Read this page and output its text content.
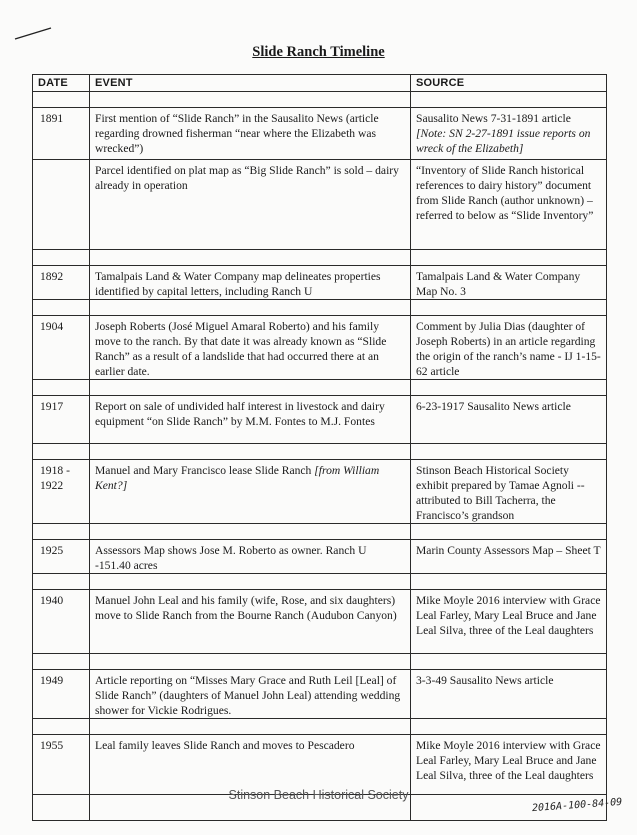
Slide Ranch Timeline
DATE	EVENT	SOURCE

1891	First mention of “Slide Ranch” in the Sausalito News (article regarding drowned fisherman “near where the Elizabeth was wrecked”)	Sausalito News 7-31-1891 article [Note: SN 2-27-1891 issue reports on wreck of the Elizabeth]
	Parcel identified on plat map as “Big Slide Ranch” is sold – dairy already in operation	“Inventory of Slide Ranch historical references to dairy history” document from Slide Ranch (author unknown) – referred to below as “Slide Inventory”

1892	Tamalpais Land & Water Company map delineates properties identified by capital letters, including Ranch U	Tamalpais Land & Water Company Map No. 3

1904	Joseph Roberts (José Miguel Amaral Roberto) and his family move to the ranch. By that date it was already known as “Slide Ranch” as a result of a landslide that had occurred there at an earlier date.	Comment by Julia Dias (daughter of Joseph Roberts) in an article regarding the origin of the ranch’s name - IJ 1-15-62 article

1917	Report on sale of undivided half interest in livestock and dairy equipment “on Slide Ranch” by M.M. Fontes to M.J. Fontes	6-23-1917 Sausalito News article

1918 -
1922	Manuel and Mary Francisco lease Slide Ranch [from William Kent?]	Stinson Beach Historical Society exhibit prepared by Tamae Agnoli -- attributed to Bill Tacherra, the Francisco’s grandson

1925	Assessors Map shows Jose M. Roberto as owner. Ranch U -151.40 acres	Marin County Assessors Map – Sheet T

1940	Manuel John Leal and his family (wife, Rose, and six daughters) move to Slide Ranch from the Bourne Ranch (Audubon Canyon)	Mike Moyle 2016 interview with Grace Leal Farley, Mary Leal Bruce and Jane Leal Silva, three of the Leal daughters

1949	Article reporting on “Misses Mary Grace and Ruth Leil [Leal] of Slide Ranch” (daughters of Manuel John Leal) attending wedding shower for Vickie Rodrigues.	3-3-49 Sausalito News article

1955	Leal family leaves Slide Ranch and moves to Pescadero	Mike Moyle 2016 interview with Grace Leal Farley, Mary Leal Bruce and Jane Leal Silva, three of the Leal daughters

Stinson Beach Historical Society
2016A-100-84-09
